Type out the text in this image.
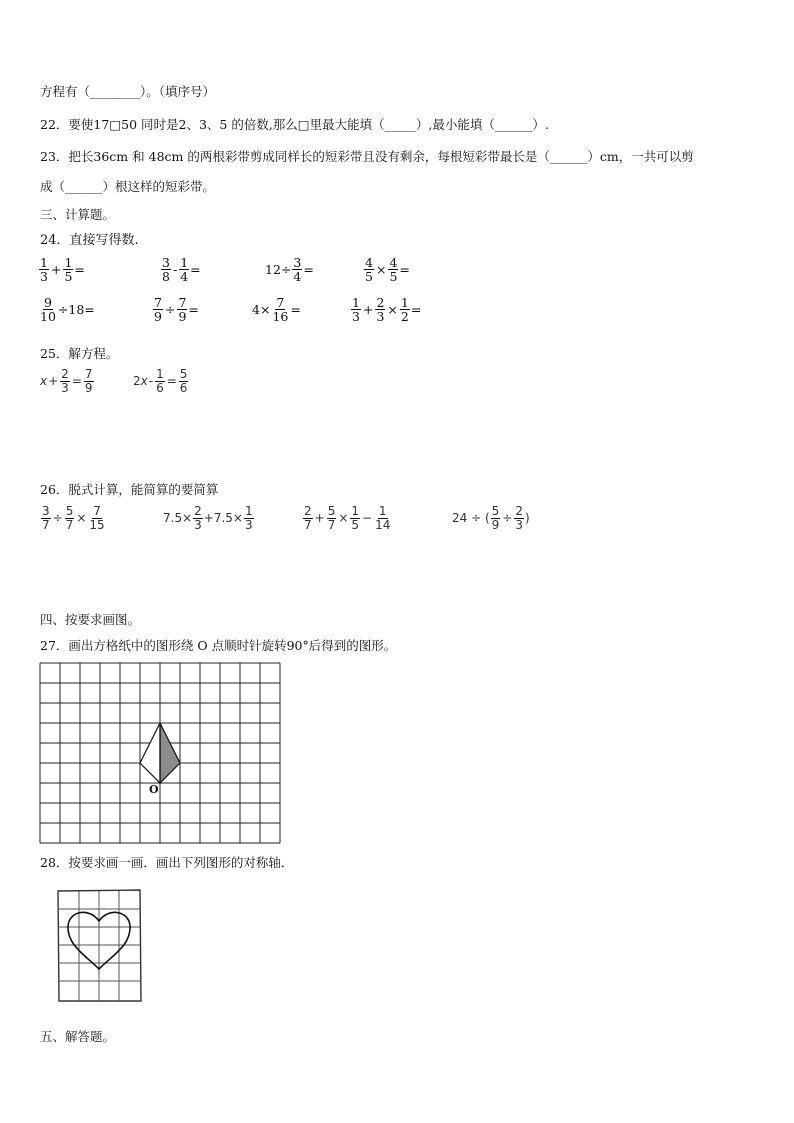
方程有（________）。（填序号）
22．要使17□50 同时是2、3、5 的倍数,那么□里最大能填（_____）,最小能填（______）.
23．把长36cm 和 48cm 的两根彩带剪成同样长的短彩带且没有剩余，每根短彩带最长是（______）cm，一共可以剪
成（______）根这样的短彩带。
三、计算题。
24．直接写得数.
$\frac{1}{3} + \frac{1}{5}$ =	$\frac{3}{8} - \frac{1}{4}$ =	$12\div \frac{3}{4}$ =	$\frac{4}{5} \times \frac{4}{5}$ =
$\frac{9}{10} \div 18=$	$\frac{7}{9} \div \frac{7}{9}$ =	$4\times \frac{7}{16}$ =	$\frac{1}{3} + \frac{2}{3} \times \frac{1}{2}$ =
25．解方程。
$x + \frac{2}{3} = \frac{7}{9}$	2 $x - \frac{1}{6} = \frac{5}{6}$
26．脱式计算，能简算的要简算
$\frac{3}{7} \div \frac{5}{7} \times \frac{7}{15}$	$7.5\times \frac{2}{3} +7.5\times \frac{1}{3}$	$\frac{2}{7} + \frac{5}{7} \times \frac{1}{5} - \frac{1}{14}$	24 ÷ ( $\frac{5}{9} \div \frac{2}{3}$ )
四、按要求画图。
27．画出方格纸中的图形绕 O 点顺时针旋转90°后得到的图形。
O
28．按要求画一画．画出下列图形的对称轴．
五、解答题。
